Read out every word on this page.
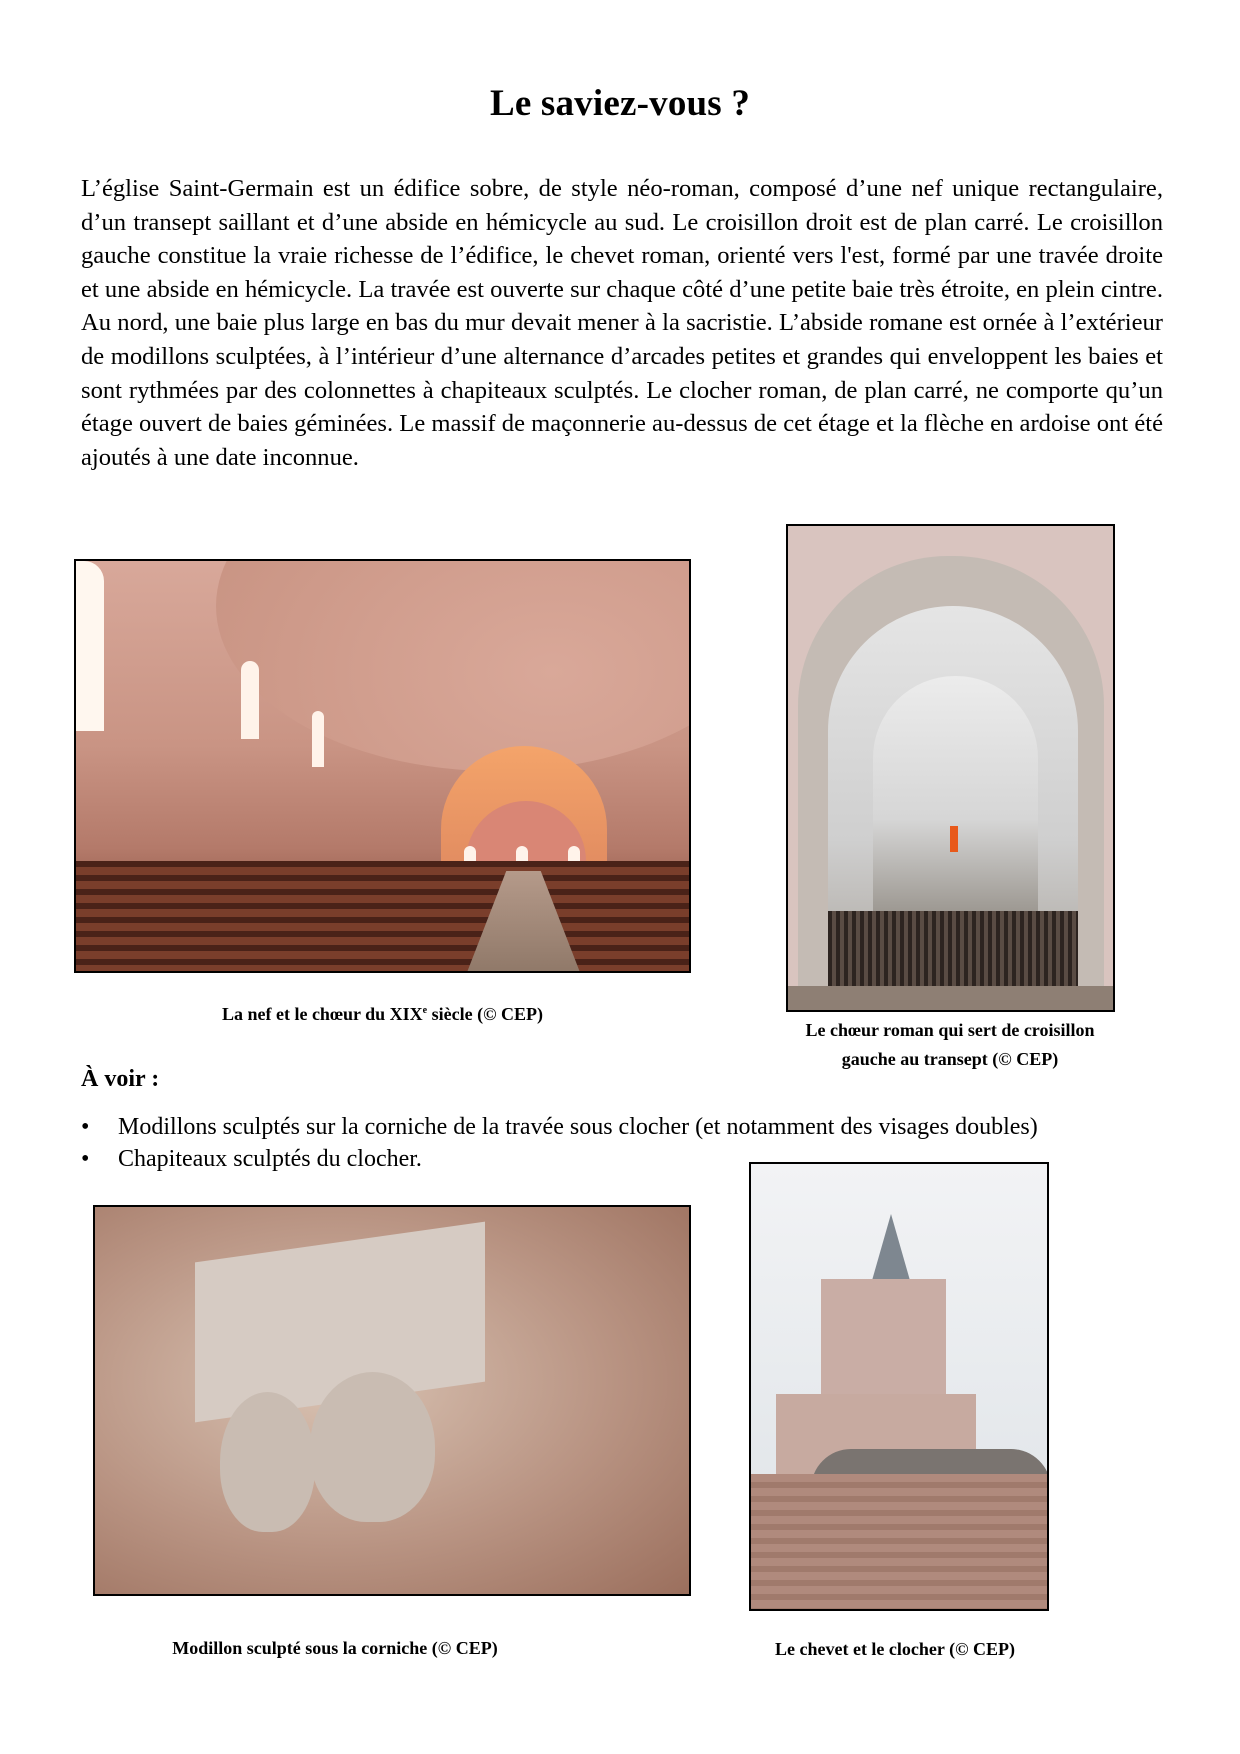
Le saviez-vous ?
L’église Saint-Germain est un édifice sobre, de style néo-roman, composé d’une nef unique rectangulaire, d’un transept saillant et d’une abside en hémicycle au sud. Le croisillon droit est de plan carré. Le croisillon gauche constitue la vraie richesse de l’édifice, le chevet roman, orienté vers l'est, formé par une travée droite et une abside en hémicycle. La travée est ouverte sur chaque côté d’une petite baie très étroite, en plein cintre. Au nord, une baie plus large en bas du mur devait mener à la sacristie. L’abside romane est ornée à l’extérieur de modillons sculptées, à l’intérieur d’une alternance d’arcades petites et grandes qui enveloppent les baies et sont rythmées par des colonnettes à chapiteaux sculptés. Le clocher roman, de plan carré, ne comporte qu’un étage ouvert de baies géminées. Le massif de maçonnerie au-dessus de cet étage et la flèche en ardoise ont été ajoutés à une date inconnue.
La nef et le chœur du XIXe siècle (© CEP)
Le chœur roman qui sert de croisillon
gauche au transept (© CEP)
À voir :
• Modillons sculptés sur la corniche de la travée sous clocher (et notamment des visages doubles)
• Chapiteaux sculptés du clocher.
Modillon sculpté sous la corniche (© CEP)	Le chevet et le clocher (© CEP)
